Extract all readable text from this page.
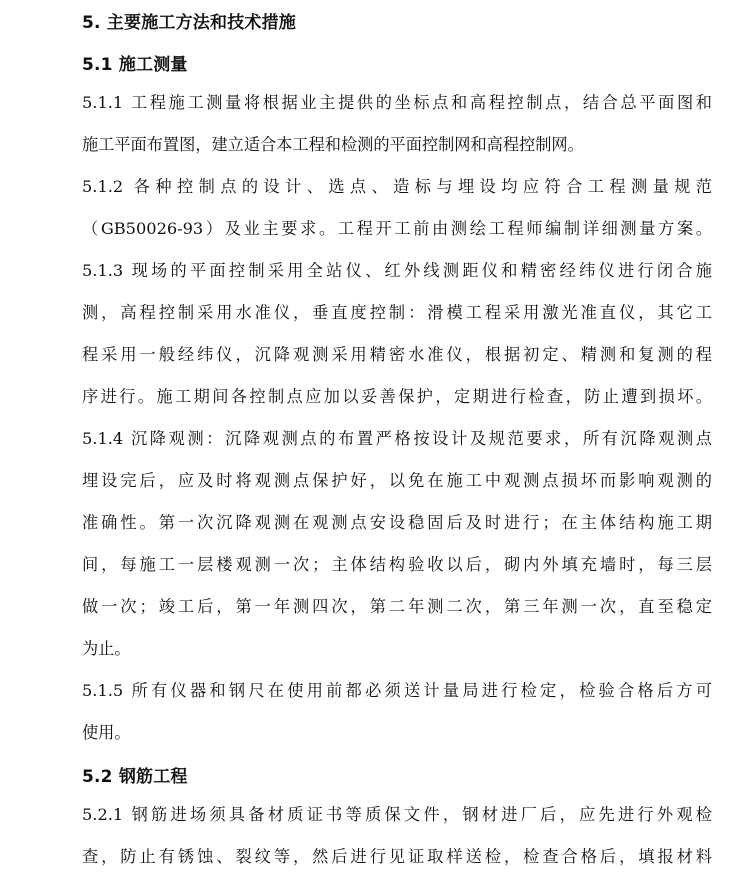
5. 主要施工方法和技术措施
5.1 施工测量
5.1.1 工程施工测量将根据业主提供的坐标点和高程控制点，结合总平面图和
施工平面布置图，建立适合本工程和检测的平面控制网和高程控制网。
5.1.2 各种控制点的设计、选点、造标与埋设均应符合工程测量规范
（GB50026-93）及业主要求。工程开工前由测绘工程师编制详细测量方案。
5.1.3 现场的平面控制采用全站仪、红外线测距仪和精密经纬仪进行闭合施
测，高程控制采用水准仪，垂直度控制：滑模工程采用激光准直仪，其它工
程采用一般经纬仪，沉降观测采用精密水准仪，根据初定、精测和复测的程
序进行。施工期间各控制点应加以妥善保护，定期进行检查，防止遭到损坏。
5.1.4 沉降观测：沉降观测点的布置严格按设计及规范要求，所有沉降观测点
埋设完后，应及时将观测点保护好，以免在施工中观测点损坏而影响观测的
准确性。第一次沉降观测在观测点安设稳固后及时进行；在主体结构施工期
间，每施工一层楼观测一次；主体结构验收以后，砌内外填充墙时，每三层
做一次；竣工后，第一年测四次，第二年测二次，第三年测一次，直至稳定
为止。
5.1.5 所有仪器和钢尺在使用前都必须送计量局进行检定，检验合格后方可
使用。
5.2 钢筋工程
5.2.1 钢筋进场须具备材质证书等质保文件，钢材进厂后，应先进行外观检
查，防止有锈蚀、裂纹等，然后进行见证取样送检，检查合格后，填报材料
